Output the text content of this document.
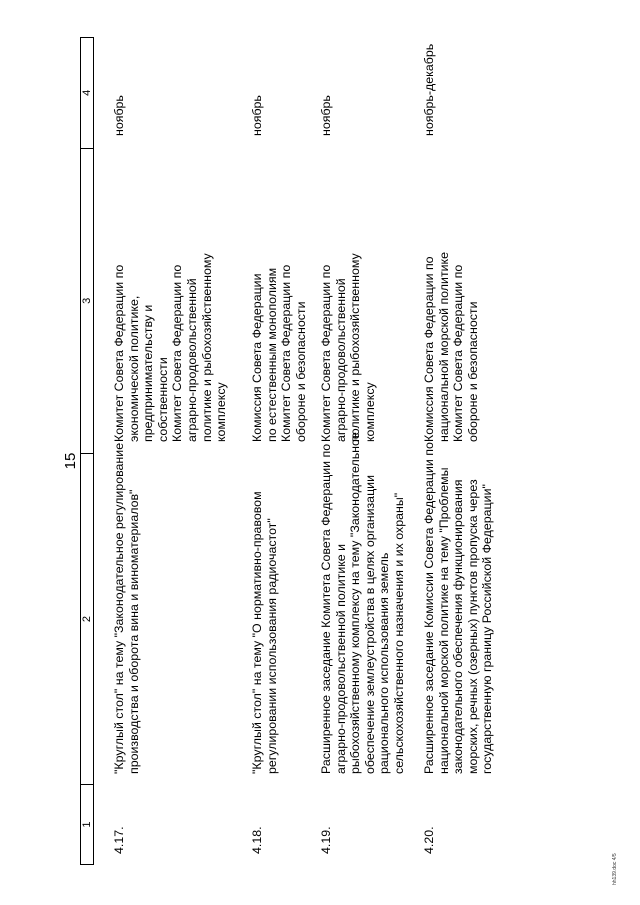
15
1
2
3
4
4.17.
"Круглый стол" на тему "Законодательное регулирование производства и оборота вина и виноматериалов"
Комитет Совета Федерации по экономической политике, предпринимательству и собственности Комитет Совета Федерации по аграрно-продовольственной политике и рыбохозяйственному комплексу
ноябрь
4.18.
"Круглый стол" на тему "О нормативно-правовом регулировании использования радиочастот"
Комиссия Совета Федерации по естественным монополиям Комитет Совета Федерации по обороне и безопасности
ноябрь
4.19.
Расширенное заседание Комитета Совета Федерации по аграрно-продовольственной политике и рыбохозяйственному комплексу на тему "Законодательное обеспечение землеустройства в целях организации рационального использования земель сельскохозяйственного назначения и их охраны"
Комитет Совета Федерации по аграрно-продовольственной политике и рыбохозяйственному комплексу
ноябрь
4.20.
Расширенное заседание Комиссии Совета Федерации по национальной морской политике на тему "Проблемы законодательного обеспечения функционирования морских, речных (озерных) пунктов пропуска через государственную границу Российской Федерации"
Комиссия Совета Федерации по национальной морской политике Комитет Совета Федерации по обороне и безопасности
ноябрь-декабрь
hh139.doc 4/5
